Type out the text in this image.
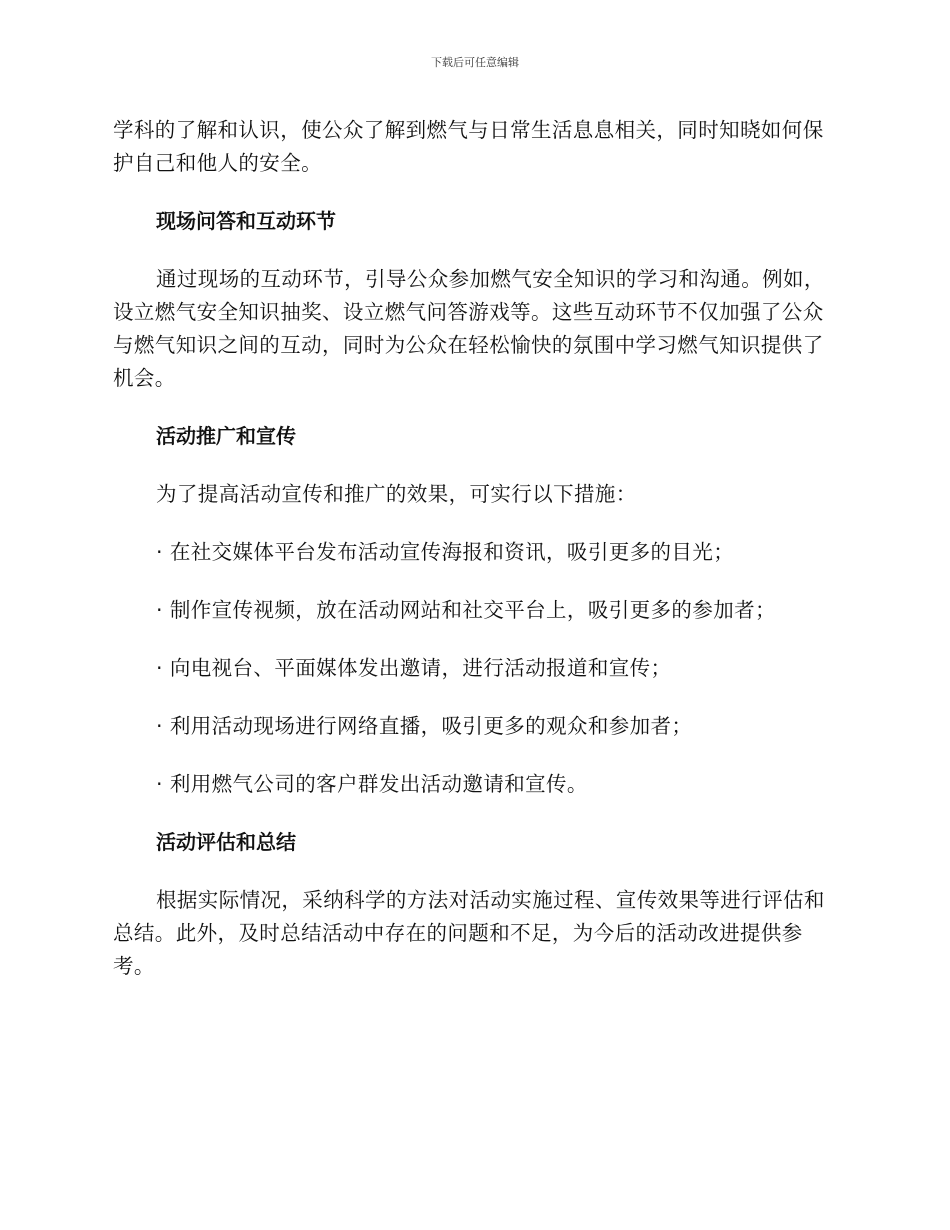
下载后可任意编辑

学科的了解和认识，使公众了解到燃气与日常生活息息相关，同时知晓如何保护自己和他人的安全。

现场问答和互动环节

通过现场的互动环节，引导公众参加燃气安全知识的学习和沟通。例如，设立燃气安全知识抽奖、设立燃气问答游戏等。这些互动环节不仅加强了公众与燃气知识之间的互动，同时为公众在轻松愉快的氛围中学习燃气知识提供了机会。

活动推广和宣传

为了提高活动宣传和推广的效果，可实行以下措施：

· 在社交媒体平台发布活动宣传海报和资讯，吸引更多的目光；

· 制作宣传视频，放在活动网站和社交平台上，吸引更多的参加者；

· 向电视台、平面媒体发出邀请，进行活动报道和宣传；

· 利用活动现场进行网络直播，吸引更多的观众和参加者；

· 利用燃气公司的客户群发出活动邀请和宣传。

活动评估和总结

根据实际情况，采纳科学的方法对活动实施过程、宣传效果等进行评估和总结。此外，及时总结活动中存在的问题和不足，为今后的活动改进提供参考。
